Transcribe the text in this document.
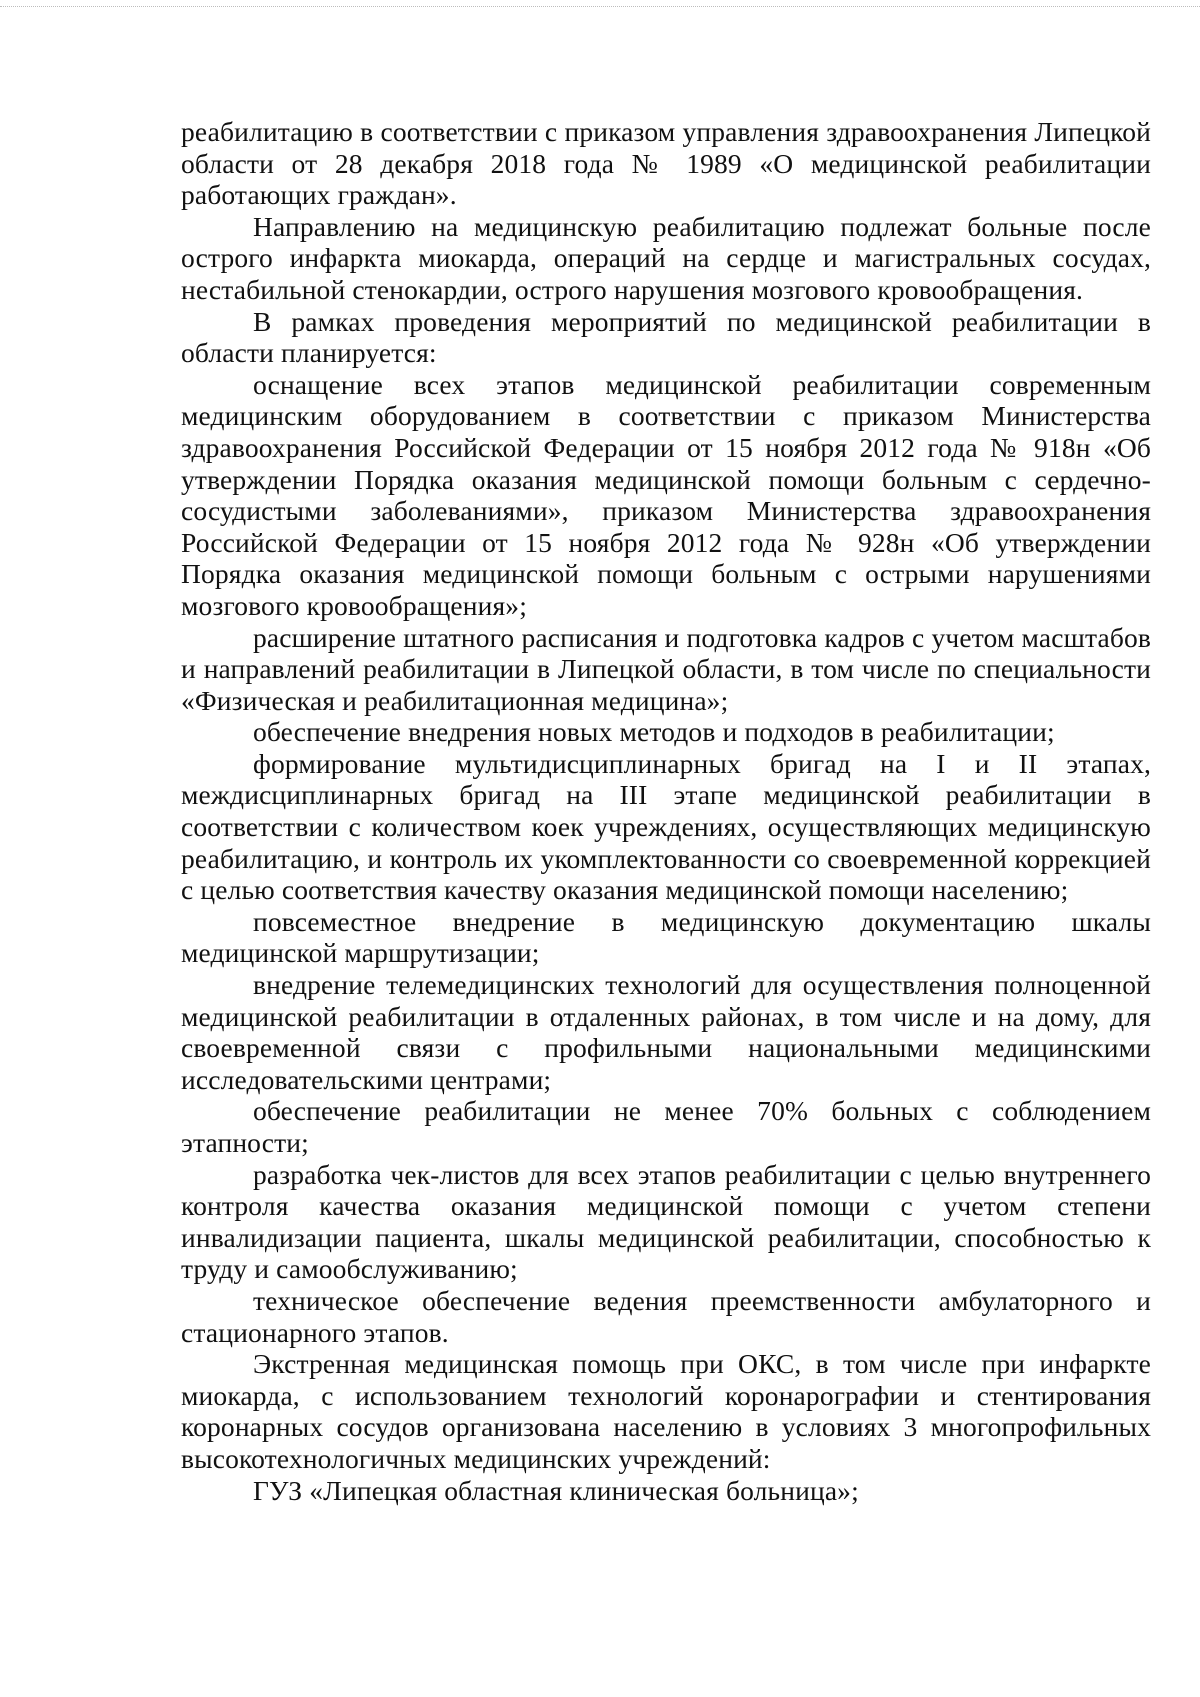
реабилитацию в соответствии с приказом управления здравоохранения Липецкой области от 28 декабря 2018 года № 1989 «О медицинской реабилитации работающих граждан».

Направлению на медицинскую реабилитацию подлежат больные после острого инфаркта миокарда, операций на сердце и магистральных сосудах, нестабильной стенокардии, острого нарушения мозгового кровообращения.

В рамках проведения мероприятий по медицинской реабилитации в области планируется:

оснащение всех этапов медицинской реабилитации современным медицинским оборудованием в соответствии с приказом Министерства здравоохранения Российской Федерации от 15 ноября 2012 года № 918н «Об утверждении Порядка оказания медицинской помощи больным с сердечно-сосудистыми заболеваниями», приказом Министерства здравоохранения Российской Федерации от 15 ноября 2012 года № 928н «Об утверждении Порядка оказания медицинской помощи больным с острыми нарушениями мозгового кровообращения»;

расширение штатного расписания и подготовка кадров с учетом масштабов и направлений реабилитации в Липецкой области, в том числе по специальности «Физическая и реабилитационная медицина»;

обеспечение внедрения новых методов и подходов в реабилитации;

формирование мультидисциплинарных бригад на I и II этапах, междисциплинарных бригад на III этапе медицинской реабилитации в соответствии с количеством коек учреждениях, осуществляющих медицинскую реабилитацию, и контроль их укомплектованности со своевременной коррекцией с целью соответствия качеству оказания медицинской помощи населению;

повсеместное внедрение в медицинскую документацию шкалы медицинской маршрутизации;

внедрение телемедицинских технологий для осуществления полноценной медицинской реабилитации в отдаленных районах, в том числе и на дому, для своевременной связи с профильными национальными медицинскими исследовательскими центрами;

обеспечение реабилитации не менее 70% больных с соблюдением этапности;

разработка чек-листов для всех этапов реабилитации с целью внутреннего контроля качества оказания медицинской помощи с учетом степени инвалидизации пациента, шкалы медицинской реабилитации, способностью к труду и самообслуживанию;

техническое обеспечение ведения преемственности амбулаторного и стационарного этапов.

Экстренная медицинская помощь при ОКС, в том числе при инфаркте миокарда, с использованием технологий коронарографии и стентирования коронарных сосудов организована населению в условиях 3 многопрофильных высокотехнологичных медицинских учреждений:

ГУЗ «Липецкая областная клиническая больница»;
